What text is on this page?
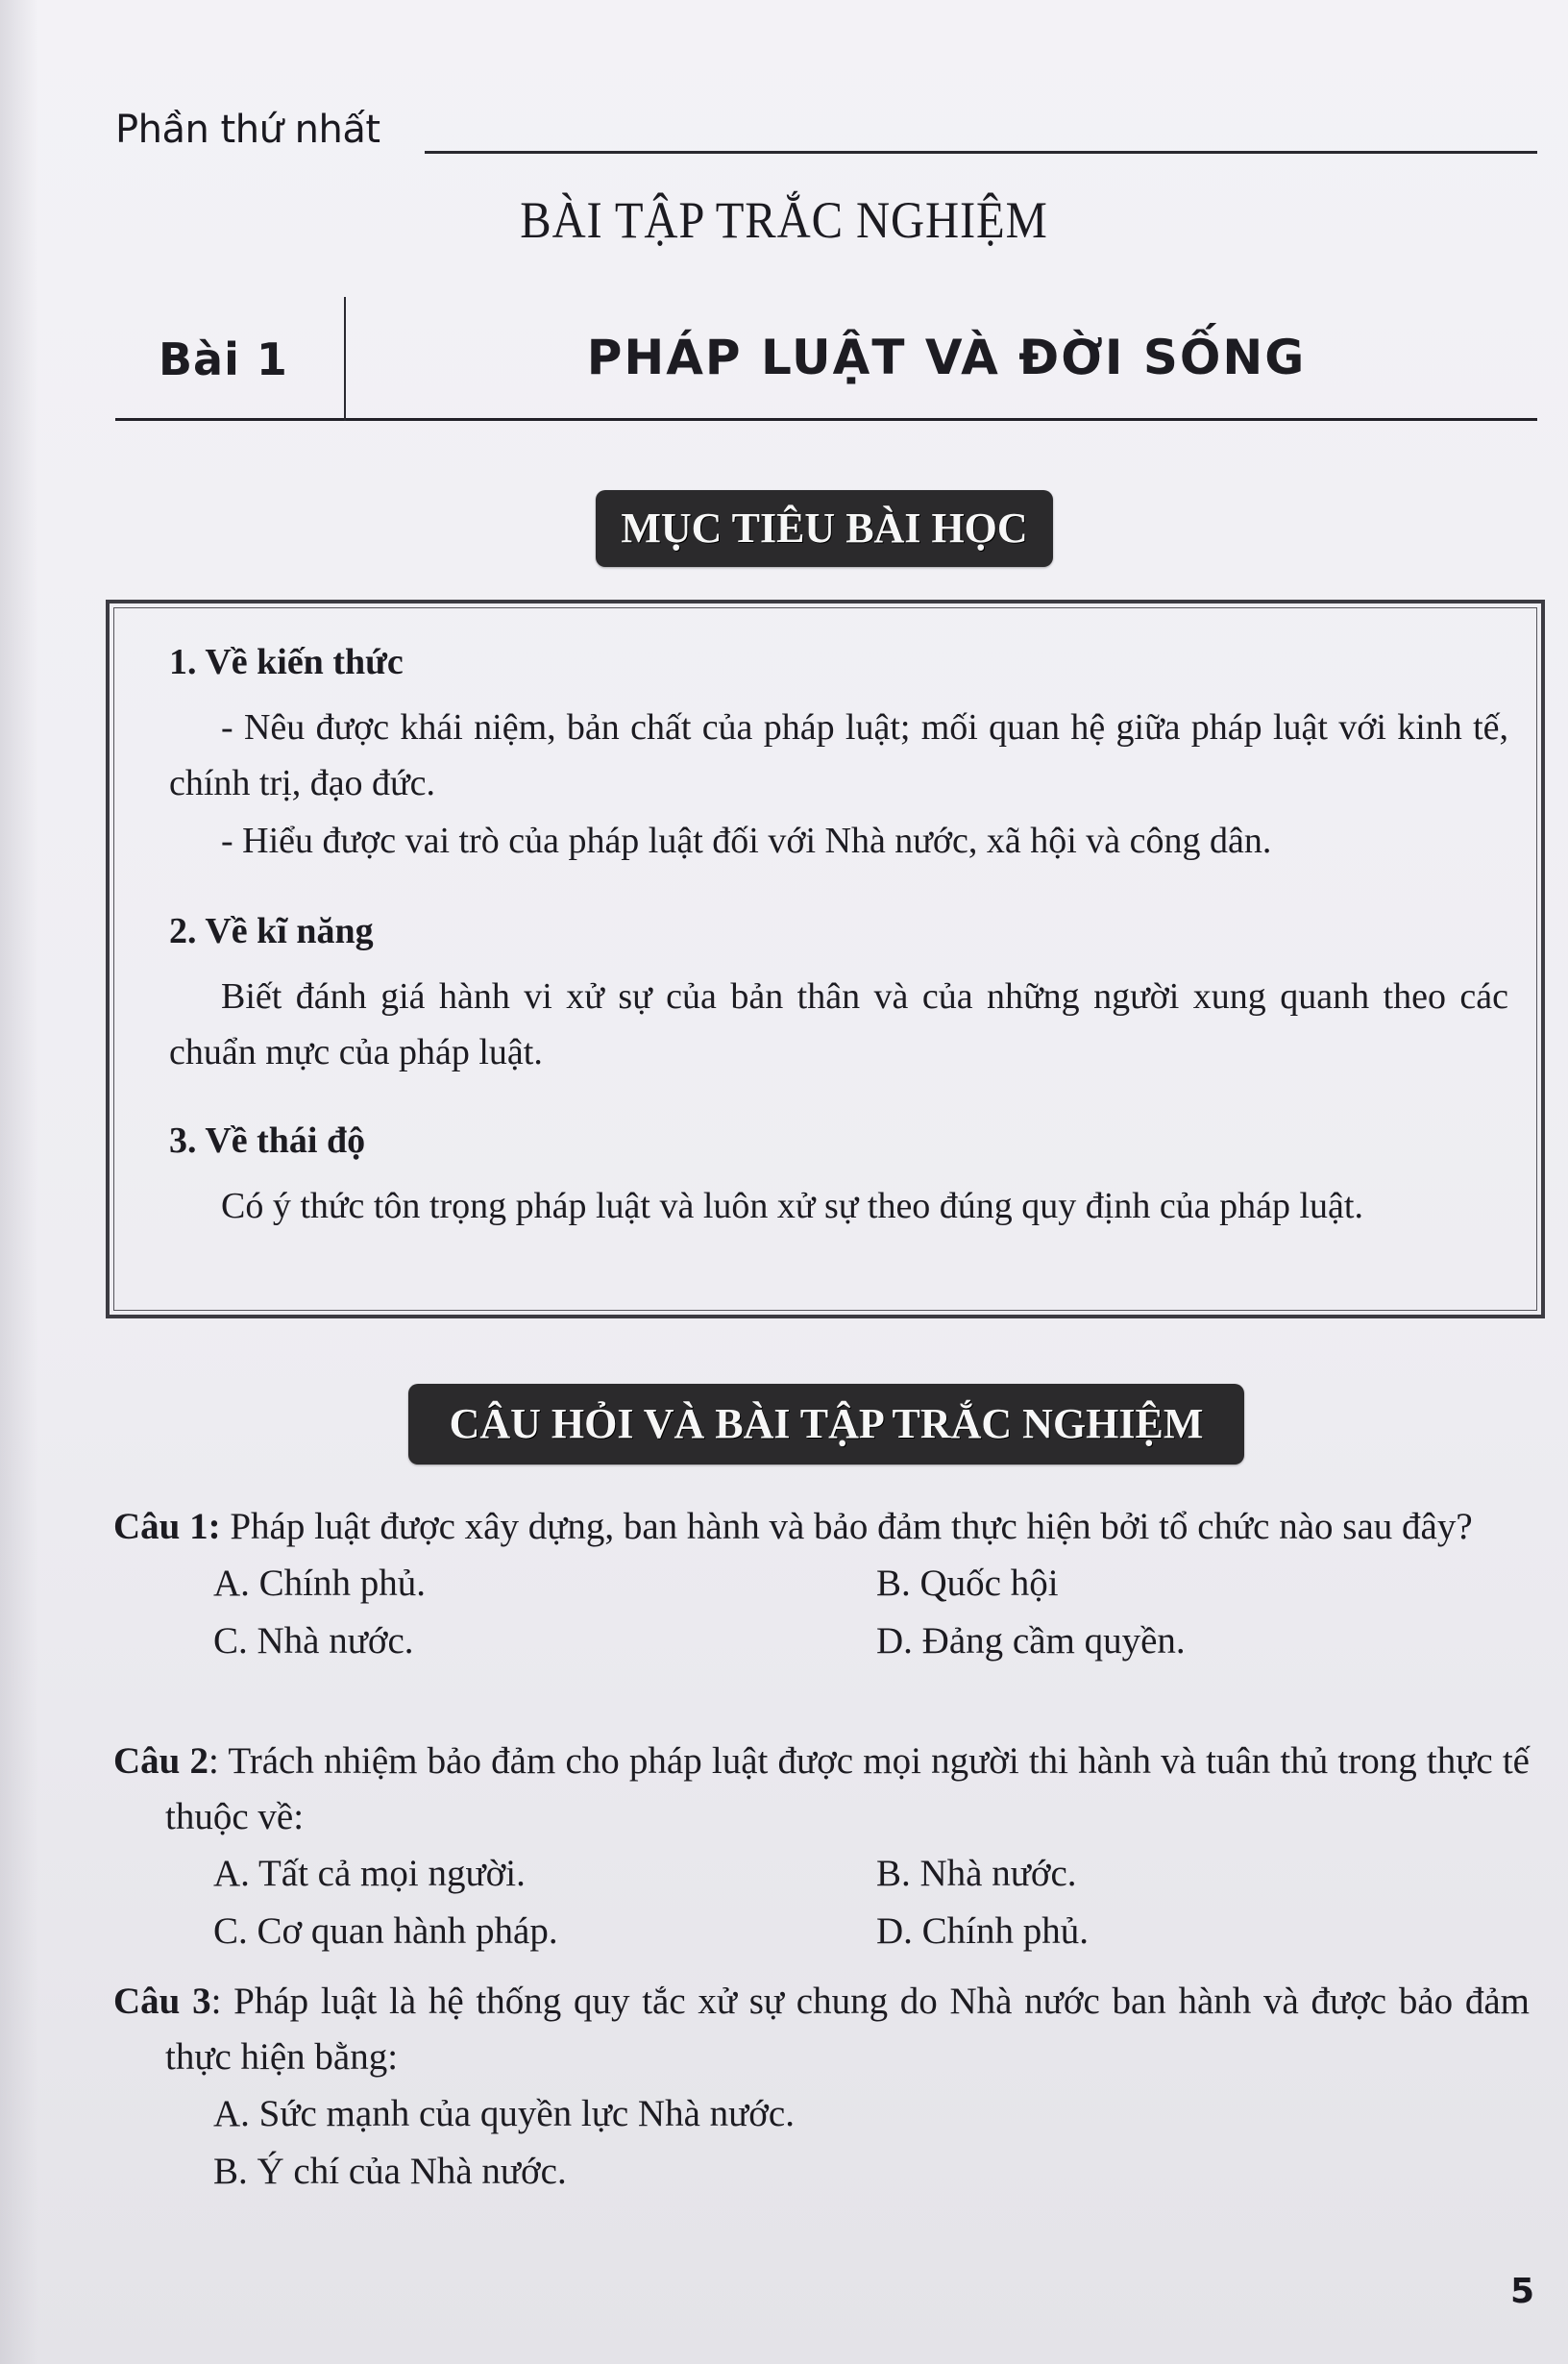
Phần thứ nhất
BÀI TẬP TRẮC NGHIỆM
Bài 1	PHÁP LUẬT VÀ ĐỜI SỐNG
MỤC TIÊU BÀI HỌC
1. Về kiến thức
- Nêu được khái niệm, bản chất của pháp luật; mối quan hệ giữa pháp luật với kinh tế, chính trị, đạo đức.
- Hiểu được vai trò của pháp luật đối với Nhà nước, xã hội và công dân.
2. Về kĩ năng
Biết đánh giá hành vi xử sự của bản thân và của những người xung quanh theo các chuẩn mực của pháp luật.
3. Về thái độ
Có ý thức tôn trọng pháp luật và luôn xử sự theo đúng quy định của pháp luật.
CÂU HỎI VÀ BÀI TẬP TRẮC NGHIỆM
Câu 1: Pháp luật được xây dựng, ban hành và bảo đảm thực hiện bởi tổ chức nào sau đây?
A. Chính phủ.	B. Quốc hội
C. Nhà nước.	D. Đảng cầm quyền.
Câu 2: Trách nhiệm bảo đảm cho pháp luật được mọi người thi hành và tuân thủ trong thực tế thuộc về:
A. Tất cả mọi người.	B. Nhà nước.
C. Cơ quan hành pháp.	D. Chính phủ.
Câu 3: Pháp luật là hệ thống quy tắc xử sự chung do Nhà nước ban hành và được bảo đảm thực hiện bằng:
A. Sức mạnh của quyền lực Nhà nước.
B. Ý chí của Nhà nước.
5
